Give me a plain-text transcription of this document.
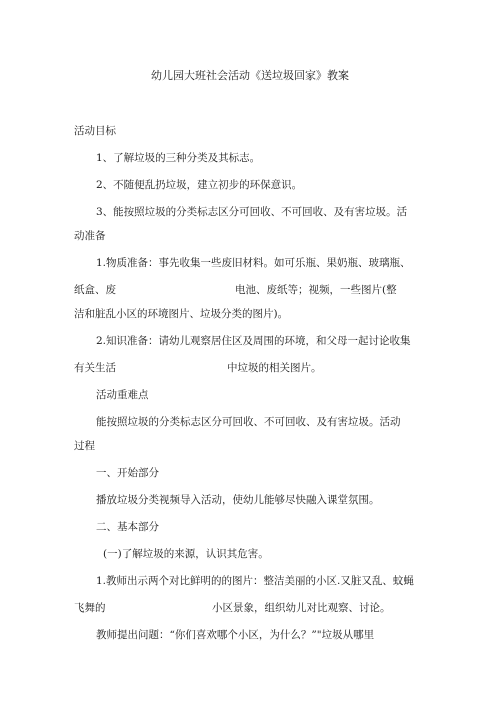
幼儿园大班社会活动《送垃圾回家》教案
活动目标
1、了解垃圾的三种分类及其标志。
2、不随便乱扔垃圾，建立初步的环保意识。
3、能按照垃圾的分类标志区分可回收、不可回收、及有害垃圾。活
动准备
1.物质准备：事先收集一些废旧材料。如可乐瓶、果奶瓶、玻璃瓶、
纸盒、废	电池、废纸等；视频，一些图片(整
洁和脏乱小区的环境图片、垃圾分类的图片)。
2.知识准备：请幼儿观察居住区及周围的环境，和父母一起讨论收集
有关生活	中垃圾的相关图片。
活动重难点
能按照垃圾的分类标志区分可回收、不可回收、及有害垃圾。活动
过程
一、开始部分
播放垃圾分类视频导入活动，使幼儿能够尽快融入课堂氛围。
二、基本部分
(一)了解垃圾的来源，认识其危害。
1.教师出示两个对比鲜明的的图片：整洁美丽的小区.又脏又乱、蚊蝇
飞舞的	小区景象，组织幼儿对比观察、讨论。
教师提出问题：“你们喜欢哪个小区，为什么？”"垃圾从哪里
